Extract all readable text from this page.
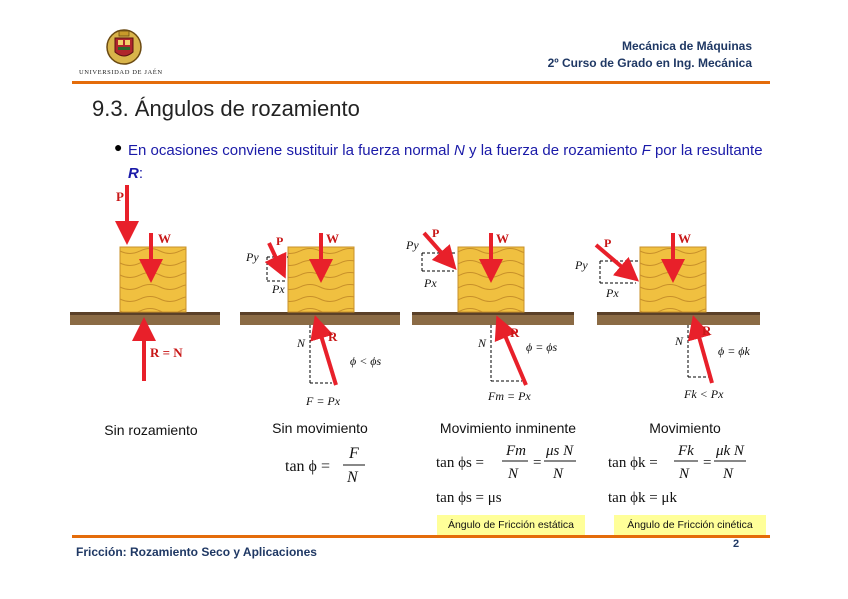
UNIVERSIDAD DE JAÉN
Mecánica de Máquinas
2º Curso de Grado en Ing. Mecánica
9.3. Ángulos de rozamiento
● En ocasiones conviene sustituir la fuerza normal N y la fuerza de rozamiento F por la resultante R:
P
W
R = N
Py
P
Px
W
N R
ϕ < ϕs
F = Px
Py
P
Px
W
N
R
ϕ = ϕs
Fm = Px
Py
P
Px
W
N
R
ϕ = ϕk
Fk < Px
Sin rozamiento	Sin movimiento	Movimiento inminente	Movimiento
tan ϕ =
F
N
tan ϕs =
Fm
N
=
μs N
N
tan ϕs = μs
tan ϕk =
Fk
N
=
μk N
N
tan ϕk = μk
Ángulo de Fricción estática	Ángulo de Fricción cinética
Fricción: Rozamiento Seco y Aplicaciones
2
